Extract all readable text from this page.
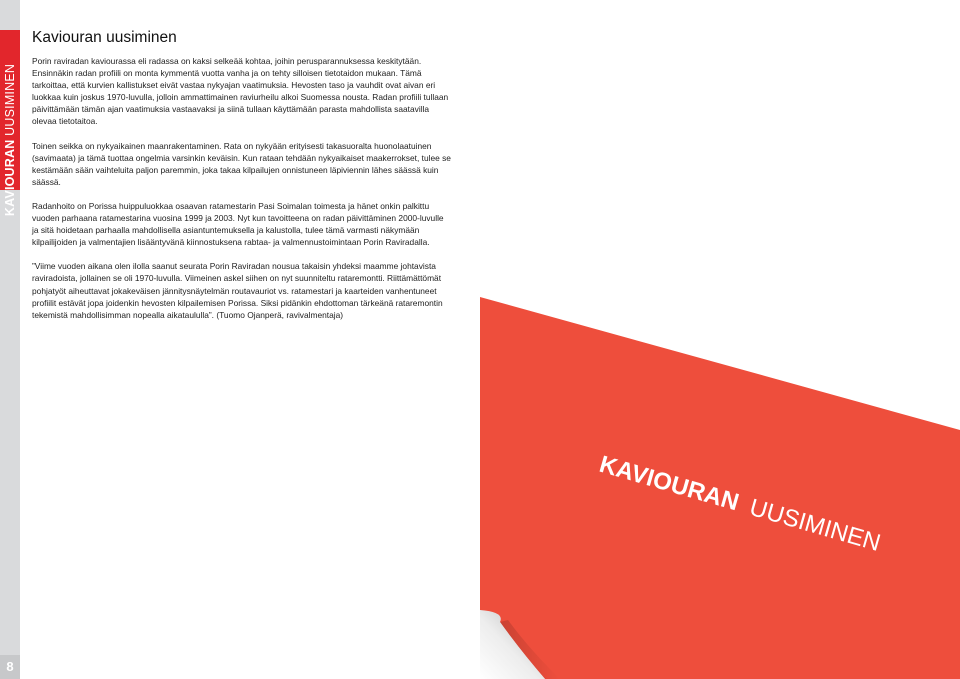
KAVIOURAN UUSIMINEN
8
Kaviouran uusiminen

Porin raviradan kaviourassa eli radassa on kaksi selkeää kohtaa, joihin perusparannuksessa keskitytään. Ensinnäkin radan profiili on monta kymmentä vuotta vanha ja on tehty silloisen tietotaidon mukaan. Tämä tarkoittaa, että kurvien kallistukset eivät vastaa nykyajan vaatimuksia. Hevosten taso ja vauhdit ovat aivan eri luokkaa kuin joskus 1970-luvulla, jolloin ammattimainen raviurheilu alkoi Suomessa nousta. Radan profiili tullaan päivittämään tämän ajan vaatimuksia vastaavaksi ja siinä tullaan käyttämään parasta mahdollista saatavilla olevaa tietotaitoa.

Toinen seikka on nykyaikainen maanrakentaminen. Rata on nykyään erityisesti takasuoralta huonolaatuinen (savimaata) ja tämä tuottaa ongelmia varsinkin keväisin. Kun rataan tehdään nykyaikaiset maakerrokset, tulee se kestämään sään vaihteluita paljon paremmin, joka takaa kilpailujen onnistuneen läpiviennin lähes säässä kuin säässä.

Radanhoito on Porissa huippuluokkaa osaavan ratamestarin Pasi Soimalan toimesta ja hänet onkin palkittu vuoden parhaana ratamestarina vuosina 1999 ja 2003. Nyt kun tavoitteena on radan päivittäminen 2000-luvulle ja sitä hoidetaan parhaalla mahdollisella asiantuntemuksella ja kalustolla, tulee tämä varmasti näkymään kilpailijoiden ja valmentajien lisääntyvänä kiinnostuksena rabtaa- ja valmennustoimintaan Porin Raviradalla.

”Viime vuoden aikana olen ilolla saanut seurata Porin Raviradan nousua takaisin yhdeksi maamme johtavista raviradoista, jollainen se oli 1970-luvulla. Viimeinen askel siihen on nyt suunniteltu rataremontti. Riittämättömät pohjatyöt aiheuttavat jokakeväisen jännitysnäytelmän routavauriot vs. ratamestari ja kaarteiden vanhentuneet profiilit estävät jopa joidenkin hevosten kilpailemisen Porissa. Siksi pidänkin ehdottoman tärkeänä rataremontin tekemistä mahdollisimman nopealla aikataululla”. (Tuomo Ojanperä, ravivalmentaja)

KAVIOURAN UUSIMINEN
